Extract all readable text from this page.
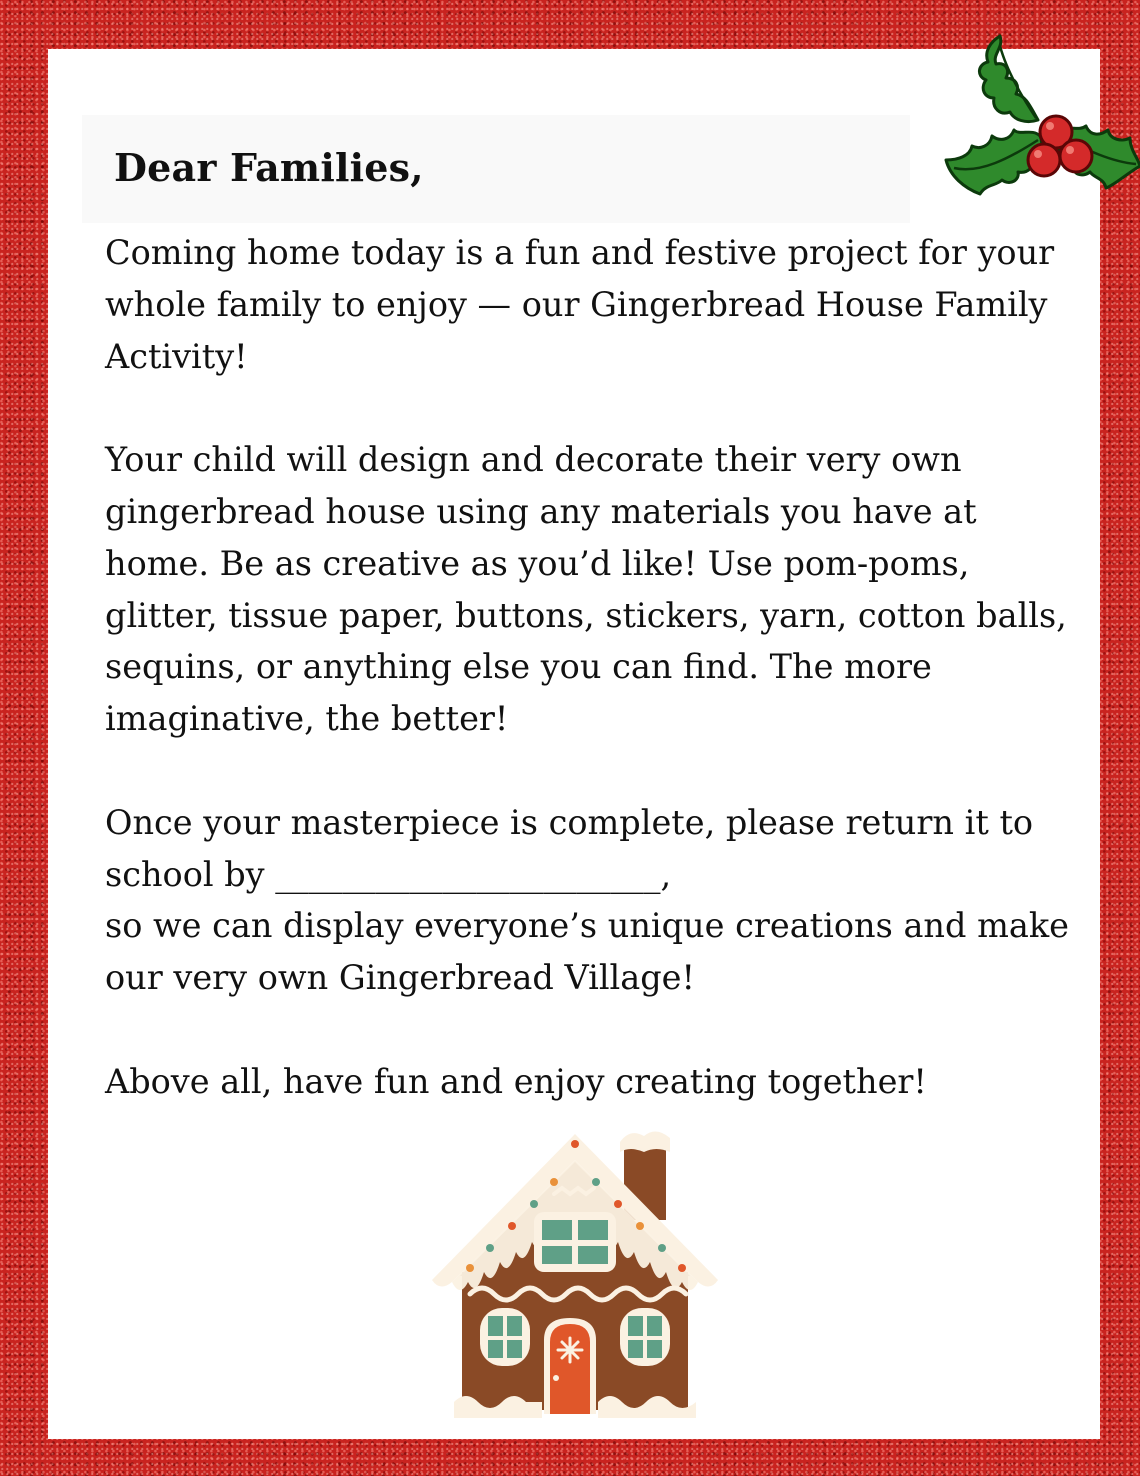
Dear Families,

Coming home today is a fun and festive project for your
whole family to enjoy — our Gingerbread House Family
Activity!

Your child will design and decorate their very own
gingerbread house using any materials you have at
home. Be as creative as you’d like! Use pom-poms,
glitter, tissue paper, buttons, stickers, yarn, cotton balls,
sequins, or anything else you can find. The more
imaginative, the better!

Once your masterpiece is complete, please return it to
school by _______________________,
so we can display everyone’s unique creations and make
our very own Gingerbread Village!

Above all, have fun and enjoy creating together!
